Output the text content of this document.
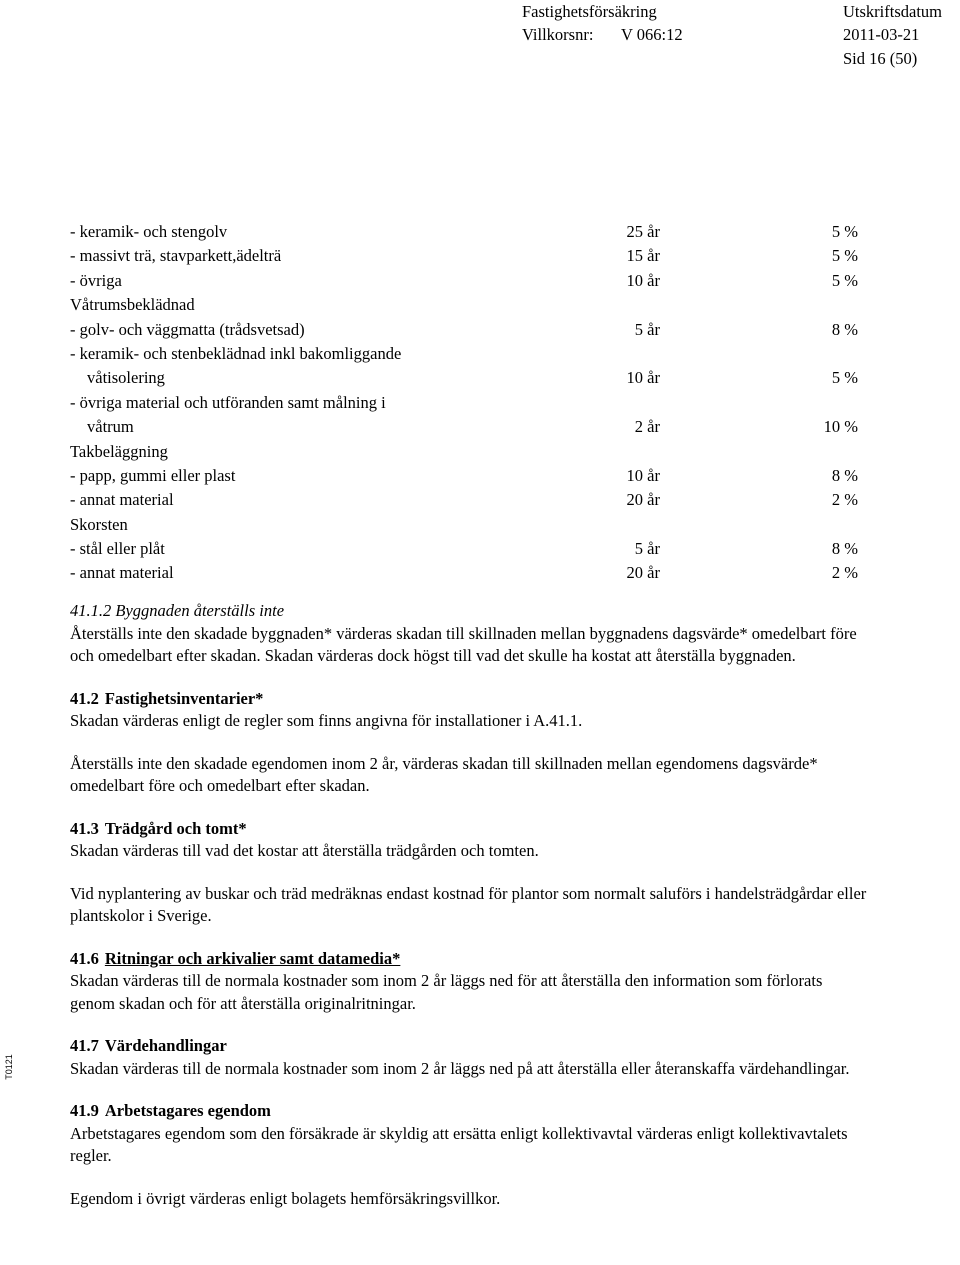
Fastighetsförsäkring
Villkorsnr: V 066:12
Utskriftsdatum
2011-03-21
Sid 16 (50)
T0121
- keramik- och stengolv	25 år	5 %
- massivt trä, stavparkett,ädelträ	15 år	5 %
- övriga	10 år	5 %
Våtrumsbeklädnad
- golv- och väggmatta (trådsvetsad)	5 år	8 %
- keramik- och stenbeklädnad inkl bakomliggande
våtisolering	10 år	5 %
- övriga material och utföranden samt målning i
våtrum	2 år	10 %
Takbeläggning
- papp, gummi eller plast	10 år	8 %
- annat material	20 år	2 %
Skorsten
- stål eller plåt	5 år	8 %
- annat material	20 år	2 %

41.1.2 Byggnaden återställs inte

Återställs inte den skadade byggnaden* värderas skadan till skillnaden mellan byggnadens dagsvärde* omedelbart före och omedelbart efter skadan. Skadan värderas dock högst till vad det skulle ha kostat att återställa byggnaden.

41.2 Fastighetsinventarier*

Skadan värderas enligt de regler som finns angivna för installationer i A.41.1.

Återställs inte den skadade egendomen inom 2 år, värderas skadan till skillnaden mellan egendomens dagsvärde* omedelbart före och omedelbart efter skadan.

41.3 Trädgård och tomt*

Skadan värderas till vad det kostar att återställa trädgården och tomten.

Vid nyplantering av buskar och träd medräknas endast kostnad för plantor som normalt saluförs i handelsträdgårdar eller plantskolor i Sverige.

41.6 Ritningar och arkivalier samt datamedia*

Skadan värderas till de normala kostnader som inom 2 år läggs ned för att återställa den information som förlorats genom skadan och för att återställa originalritningar.

41.7 Värdehandlingar

Skadan värderas till de normala kostnader som inom 2 år läggs ned på att återställa eller återanskaffa värdehandlingar.

41.9 Arbetstagares egendom

Arbetstagares egendom som den försäkrade är skyldig att ersätta enligt kollektivavtal värderas enligt kollektivavtalets regler.

Egendom i övrigt värderas enligt bolagets hemförsäkringsvillkor.
